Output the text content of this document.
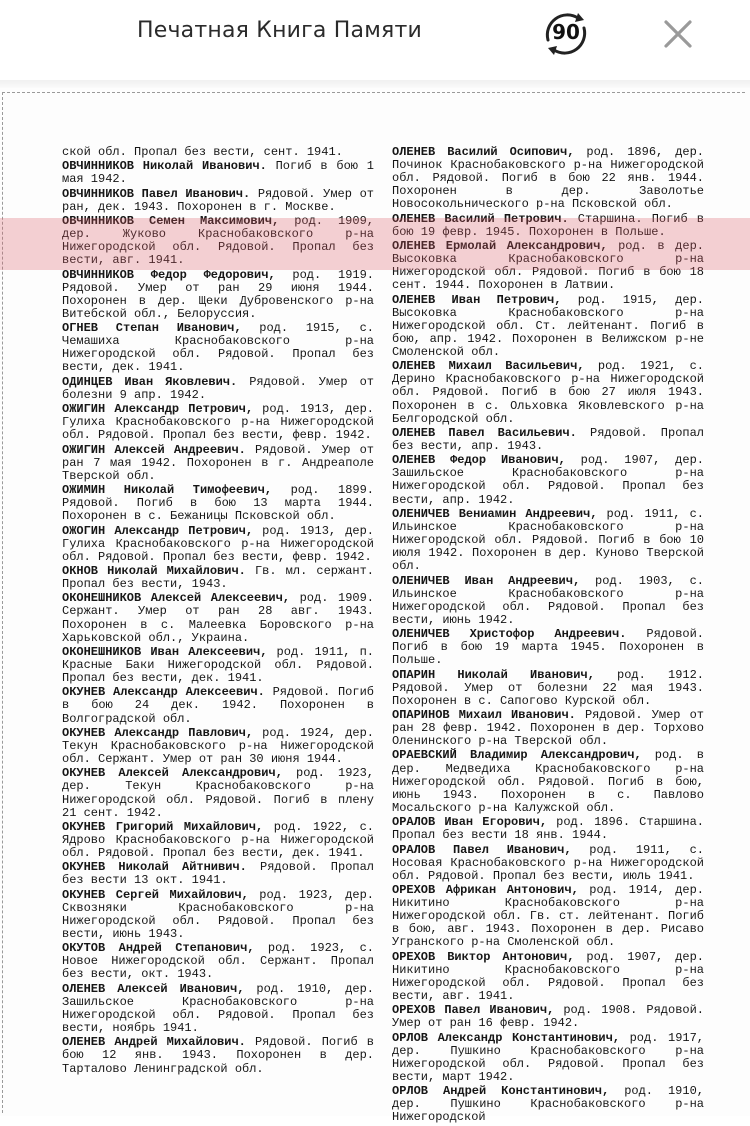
Печатная Книга Памяти	90
ской обл. Пропал без вести, сент. 1941.
ОВЧИННИКОВ Николай Иванович. Погиб в бою 1 мая 1942.
ОВЧИННИКОВ Павел Иванович. Рядовой. Умер от ран, дек. 1943. Похоронен в г. Москве.
ОВЧИННИКОВ Семен Максимович, род. 1909, дер. Жуково Краснобаковского р-на Нижегородской обл. Рядовой. Пропал без вести, авг. 1941.
ОВЧИННИКОВ Федор Федорович, род. 1919. Рядовой. Умер от ран 29 июня 1944. Похоронен в дер. Щеки Дубровенского р-на Витебской обл., Белоруссия.
ОГНЕВ Степан Иванович, род. 1915, с. Чемашиха Краснобаковского р-на Нижегородской обл. Рядовой. Пропал без вести, дек. 1941.
ОДИНЦЕВ Иван Яковлевич. Рядовой. Умер от болезни 9 апр. 1942.
ОЖИГИН Александр Петрович, род. 1913, дер. Гулиха Краснобаковского р-на Нижегородской обл. Рядовой. Пропал без вести, февр. 1942.
ОЖИГИН Алексей Андреевич. Рядовой. Умер от ран 7 мая 1942. Похоронен в г. Андреаполе Тверской обл.
ОЖИМИН Николай Тимофеевич, род. 1899. Рядовой. Погиб в бою 13 марта 1944. Похоронен в с. Бежаницы Псковской обл.
ОЖОГИН Александр Петрович, род. 1913, дер. Гулиха Краснобаковского р-на Нижегородской обл. Рядовой. Пропал без вести, февр. 1942.
ОКНОВ Николай Михайлович. Гв. мл. сержант. Пропал без вести, 1943.
ОКОНЕШНИКОВ Алексей Алексеевич, род. 1909. Сержант. Умер от ран 28 авг. 1943. Похоронен в с. Малеевка Боровского р-на Харьковской обл., Украина.
ОКОНЕШНИКОВ Иван Алексеевич, род. 1911, п. Красные Баки Нижегородской обл. Рядовой. Пропал без вести, дек. 1941.
ОКУНЕВ Александр Алексеевич. Рядовой. Погиб в бою 24 дек. 1942. Похоронен в Волгоградской обл.
ОКУНЕВ Александр Павлович, род. 1924, дер. Текун Краснобаковского р-на Нижегородской обл. Сержант. Умер от ран 30 июня 1944.
ОКУНЕВ Алексей Александрович, род. 1923, дер. Текун Краснобаковского р-на Нижегородской обл. Рядовой. Погиб в плену 21 сент. 1942.
ОКУНЕВ Григорий Михайлович, род. 1922, с. Ядрово Краснобаковского р-на Нижегородской обл. Рядовой. Пропал без вести, дек. 1941.
ОКУНЕВ Николай Айтнивич. Рядовой. Пропал без вести 13 окт. 1941.
ОКУНЕВ Сергей Михайлович, род. 1923, дер. Сквозняки Краснобаковского р-на Нижегородской обл. Рядовой. Пропал без вести, июнь 1943.
ОКУТОВ Андрей Степанович, род. 1923, с. Новое Нижегородской обл. Сержант. Пропал без вести, окт. 1943.
ОЛЕНЕВ Алексей Иванович, род. 1910, дер. Зашильское Краснобаковского р-на Нижегородской обл. Рядовой. Пропал без вести, ноябрь 1941.
ОЛЕНЕВ Андрей Михайлович. Рядовой. Погиб в бою 12 янв. 1943. Похоронен в дер. Тарталово Ленинградской обл.
ОЛЕНЕВ Василий Осипович, род. 1896, дер. Починок Краснобаковского р-на Нижегородской обл. Рядовой. Погиб в бою 22 янв. 1944. Похоронен в дер. Заволотье Новосокольнического р-на Псковской обл.
ОЛЕНЕВ Василий Петрович. Старшина. Погиб в бою 19 февр. 1945. Похоронен в Польше.
ОЛЕНЕВ Ермолай Александрович, род. в дер. Высоковка Краснобаковского р-на Нижегородской обл. Рядовой. Погиб в бою 18 сент. 1944. Похоронен в Латвии.
ОЛЕНЕВ Иван Петрович, род. 1915, дер. Высоковка Краснобаковского р-на Нижегородской обл. Ст. лейтенант. Погиб в бою, апр. 1942. Похоронен в Велижском р-не Смоленской обл.
ОЛЕНЕВ Михаил Васильевич, род. 1921, с. Дерино Краснобаковского р-на Нижегородской обл. Рядовой. Погиб в бою 27 июля 1943. Похоронен в с. Ольховка Яковлевского р-на Белгородской обл.
ОЛЕНЕВ Павел Васильевич. Рядовой. Пропал без вести, апр. 1943.
ОЛЕНЕВ Федор Иванович, род. 1907, дер. Зашильское Краснобаковского р-на Нижегородской обл. Рядовой. Пропал без вести, апр. 1942.
ОЛЕНИЧЕВ Вениамин Андреевич, род. 1911, с. Ильинское Краснобаковского р-на Нижегородской обл. Рядовой. Погиб в бою 10 июля 1942. Похоронен в дер. Куново Тверской обл.
ОЛЕНИЧЕВ Иван Андреевич, род. 1903, с. Ильинское Краснобаковского р-на Нижегородской обл. Рядовой. Пропал без вести, июнь 1942.
ОЛЕНИЧЕВ Христофор Андреевич. Рядовой. Погиб в бою 19 марта 1945. Похоронен в Польше.
ОПАРИН Николай Иванович, род. 1912. Рядовой. Умер от болезни 22 мая 1943. Похоронен в с. Сапогово Курской обл.
ОПАРИНОВ Михаил Иванович. Рядовой. Умер от ран 28 февр. 1942. Похоронен в дер. Торхово Оленинского р-на Тверской обл.
ОРАЕВСКИЙ Владимир Александрович, род. в дер. Медведиха Краснобаковского р-на Нижегородской обл. Рядовой. Погиб в бою, июнь 1943. Похоронен в с. Павлово Мосальского р-на Калужской обл.
ОРАЛОВ Иван Егорович, род. 1896. Старшина. Пропал без вести 18 янв. 1944.
ОРАЛОВ Павел Иванович, род. 1911, с. Носовая Краснобаковского р-на Нижегородской обл. Рядовой. Пропал без вести, июль 1941.
ОРЕХОВ Африкан Антонович, род. 1914, дер. Никитино Краснобаковского р-на Нижегородской обл. Гв. ст. лейтенант. Погиб в бою, авг. 1943. Похоронен в дер. Рисаво Угранского р-на Смоленской обл.
ОРЕХОВ Виктор Антонович, род. 1907, дер. Никитино Краснобаковского р-на Нижегородской обл. Рядовой. Пропал без вести, авг. 1941.
ОРЕХОВ Павел Иванович, род. 1908. Рядовой. Умер от ран 16 февр. 1942.
ОРЛОВ Александр Константинович, род. 1917, дер. Пушкино Краснобаковского р-на Нижегородской обл. Рядовой. Пропал без вести, март 1942.
ОРЛОВ Андрей Константинович, род. 1910, дер. Пушкино Краснобаковского р-на Нижегородской
